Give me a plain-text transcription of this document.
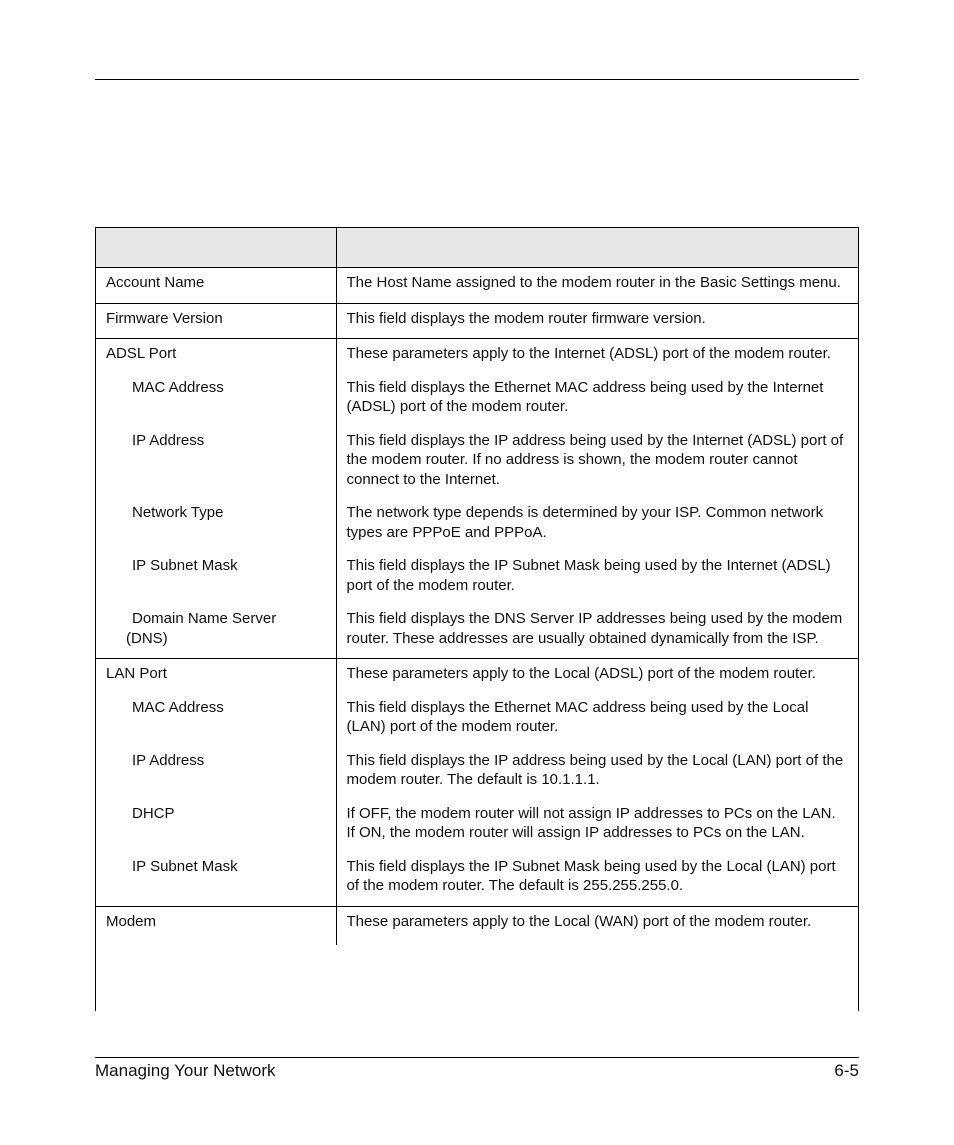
Account Name	The Host Name assigned to the modem router in the Basic Settings menu.

Firmware Version	This field displays the modem router firmware version.

ADSL Port	These parameters apply to the Internet (ADSL) port of the modem router.

MAC Address	This field displays the Ethernet MAC address being used by the Internet (ADSL) port of the modem router.

IP Address	This field displays the IP address being used by the Internet (ADSL) port of the modem router. If no address is shown, the modem router cannot connect to the Internet.

Network Type	The network type depends is determined by your ISP. Common network types are PPPoE and PPPoA.

IP Subnet Mask	This field displays the IP Subnet Mask being used by the Internet (ADSL) port of the modem router.

Domain Name Server
(DNS)	This field displays the DNS Server IP addresses being used by the modem router. These addresses are usually obtained dynamically from the ISP.

LAN Port	These parameters apply to the Local (ADSL) port of the modem router.

MAC Address	This field displays the Ethernet MAC address being used by the Local (LAN) port of the modem router.

IP Address	This field displays the IP address being used by the Local (LAN) port of the modem router. The default is 10.1.1.1.

DHCP	If OFF, the modem router will not assign IP addresses to PCs on the LAN.
If ON, the modem router will assign IP addresses to PCs on the LAN.

IP Subnet Mask	This field displays the IP Subnet Mask being used by the Local (LAN) port of the modem router. The default is 255.255.255.0.

Modem	These parameters apply to the Local (WAN) port of the modem router.
Managing Your Network	6-5
